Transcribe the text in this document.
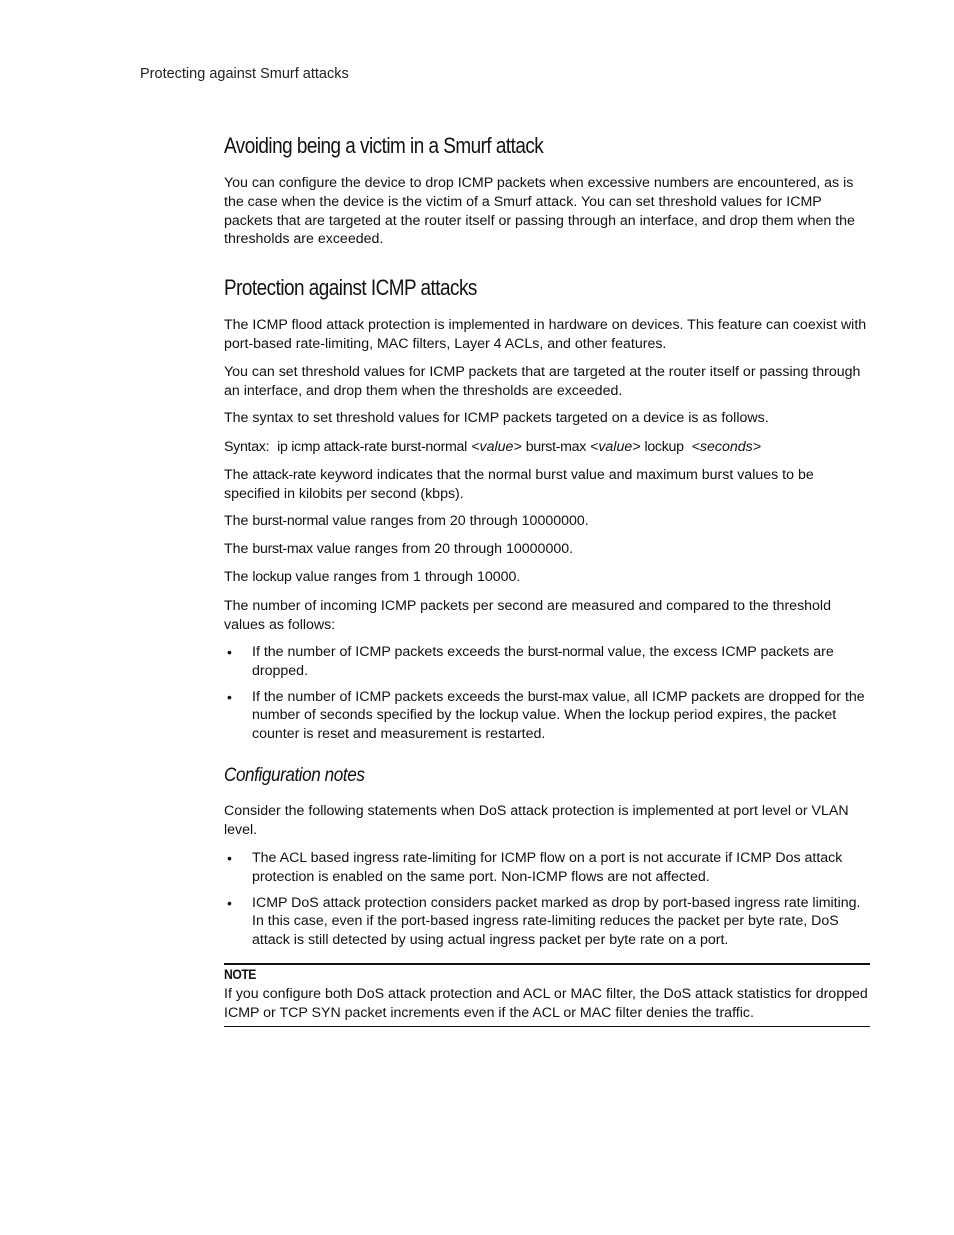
Protecting against Smurf attacks
Avoiding being a victim in a Smurf attack

You can configure the device to drop ICMP packets when excessive numbers are encountered, as is the case when the device is the victim of a Smurf attack. You can set threshold values for ICMP packets that are targeted at the router itself or passing through an interface, and drop them when the thresholds are exceeded.

Protection against ICMP attacks

The ICMP flood attack protection is implemented in hardware on devices. This feature can coexist with port-based rate-limiting, MAC filters, Layer 4 ACLs, and other features.

You can set threshold values for ICMP packets that are targeted at the router itself or passing through an interface, and drop them when the thresholds are exceeded.

The syntax to set threshold values for ICMP packets targeted on a device is as follows.

Syntax: ip icmp attack-rate burst-normal <value> burst-max <value> lockup <seconds>

The attack-rate keyword indicates that the normal burst value and maximum burst values to be specified in kilobits per second (kbps).

The burst-normal value ranges from 20 through 10000000.

The burst-max value ranges from 20 through 10000000.

The lockup value ranges from 1 through 10000.

The number of incoming ICMP packets per second are measured and compared to the threshold values as follows:

• If the number of ICMP packets exceeds the burst-normal value, the excess ICMP packets are dropped.
• If the number of ICMP packets exceeds the burst-max value, all ICMP packets are dropped for the number of seconds specified by the lockup value. When the lockup period expires, the packet counter is reset and measurement is restarted.
Configuration notes

Consider the following statements when DoS attack protection is implemented at port level or VLAN level.

• The ACL based ingress rate-limiting for ICMP flow on a port is not accurate if ICMP Dos attack protection is enabled on the same port. Non-ICMP flows are not affected.
• ICMP DoS attack protection considers packet marked as drop by port-based ingress rate limiting. In this case, even if the port-based ingress rate-limiting reduces the packet per byte rate, DoS attack is still detected by using actual ingress packet per byte rate on a port.
NOTE

If you configure both DoS attack protection and ACL or MAC filter, the DoS attack statistics for dropped ICMP or TCP SYN packet increments even if the ACL or MAC filter denies the traffic.
